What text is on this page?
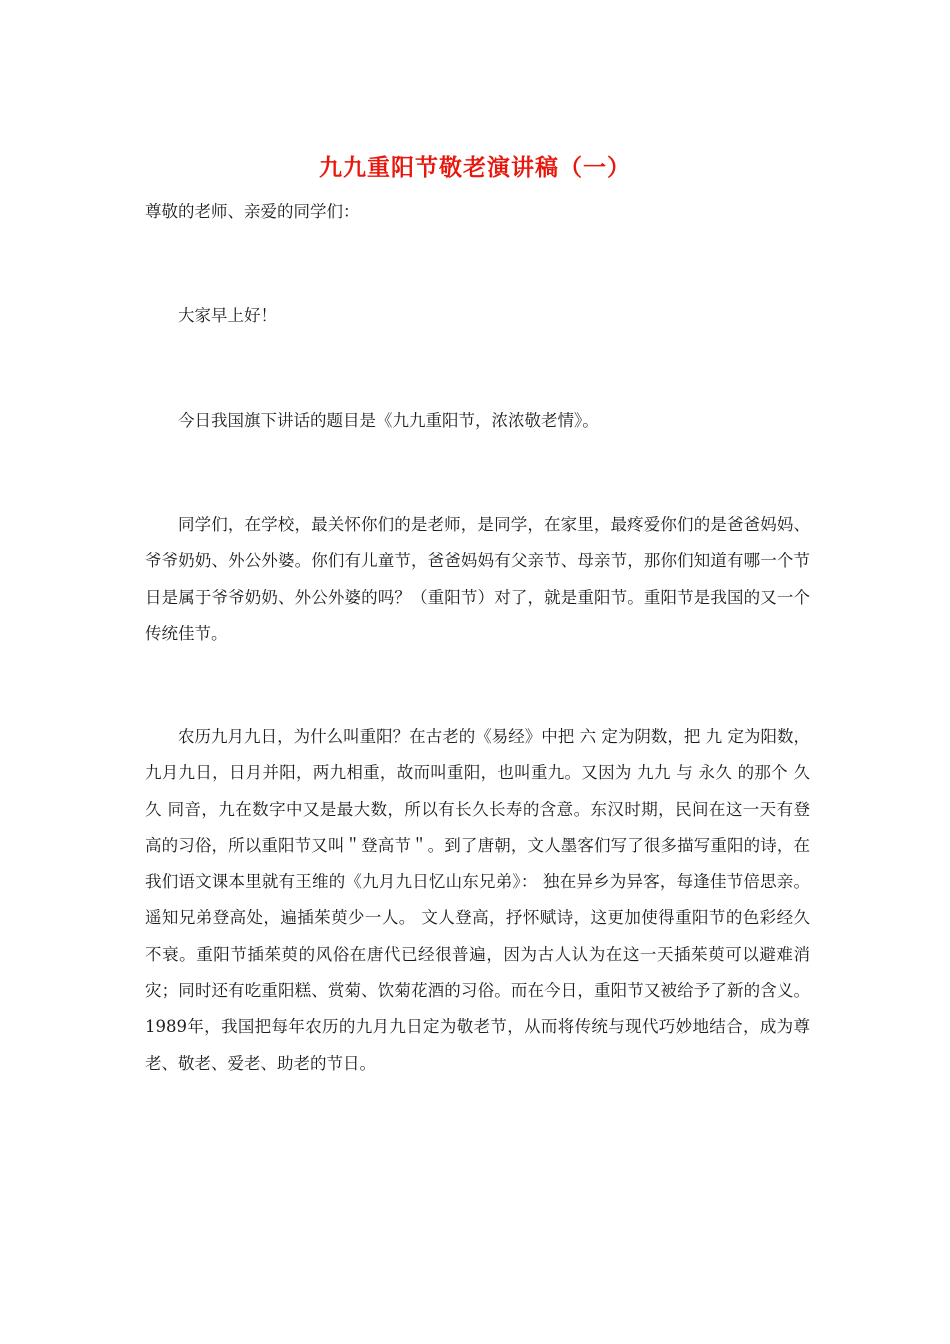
九九重阳节敬老演讲稿（一）

尊敬的老师、亲爱的同学们：

大家早上好！

今日我国旗下讲话的题目是《九九重阳节，浓浓敬老情》。

同学们，在学校，最关怀你们的是老师，是同学，在家里，最疼爱你们的是爸爸妈妈、爷爷奶奶、外公外婆。你们有儿童节，爸爸妈妈有父亲节、母亲节，那你们知道有哪一个节日是属于爷爷奶奶、外公外婆的吗？（重阳节）对了，就是重阳节。重阳节是我国的又一个传统佳节。

农历九月九日，为什么叫重阳？在古老的《易经》中把 六 定为阴数，把 九 定为阳数，九月九日，日月并阳，两九相重，故而叫重阳，也叫重九。又因为 九九 与 永久 的那个 久久 同音，九在数字中又是最大数，所以有长久长寿的含意。东汉时期，民间在这一天有登高的习俗，所以重阳节又叫＂登高节＂。到了唐朝，文人墨客们写了很多描写重阳的诗，在我们语文课本里就有王维的《九月九日忆山东兄弟》： 独在异乡为异客，每逢佳节倍思亲。遥知兄弟登高处，遍插茱萸少一人。 文人登高，抒怀赋诗，这更加使得重阳节的色彩经久不衰。重阳节插茱萸的风俗在唐代已经很普遍，因为古人认为在这一天插茱萸可以避难消灾；同时还有吃重阳糕、赏菊、饮菊花酒的习俗。而在今日，重阳节又被给予了新的含义。1989年，我国把每年农历的九月九日定为敬老节，从而将传统与现代巧妙地结合，成为尊老、敬老、爱老、助老的节日。
